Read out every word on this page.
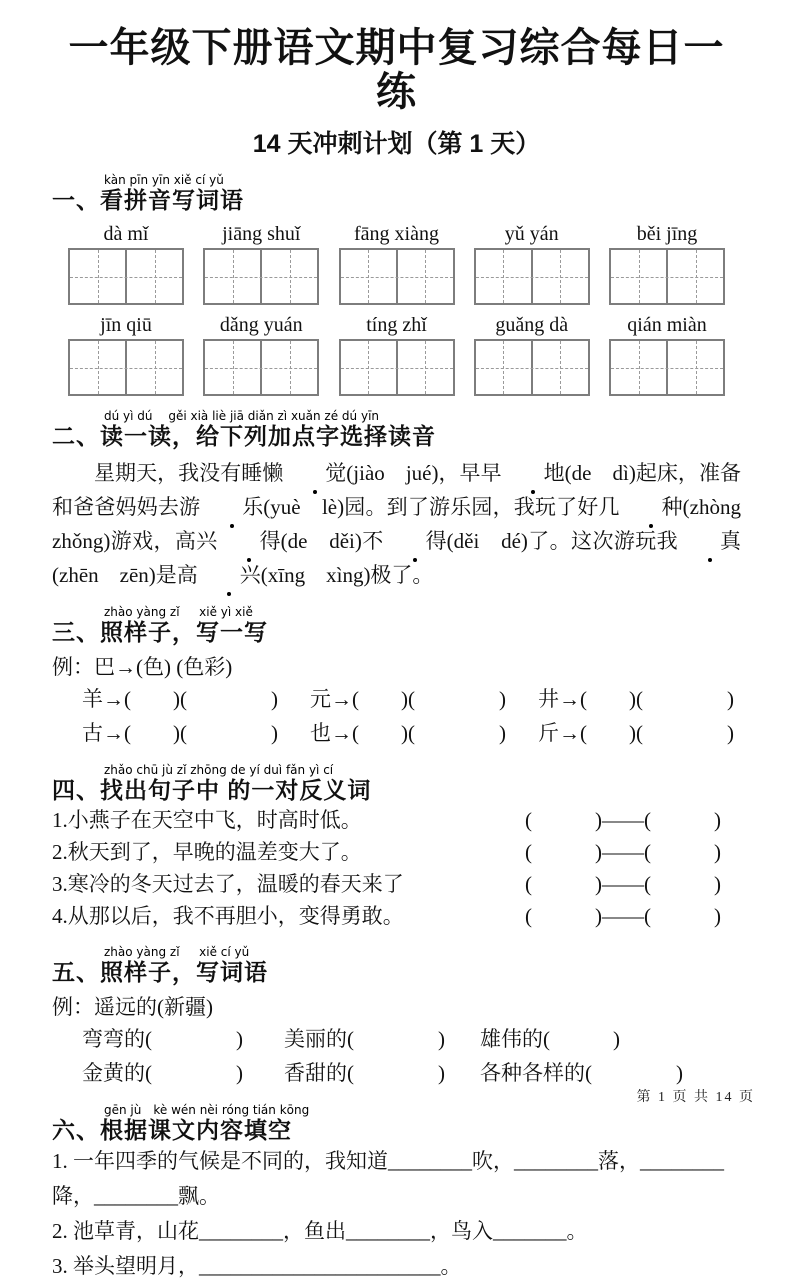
一年级下册语文期中复习综合每日一练
14 天冲刺计划（第 1 天）
kàn pīn yīn xiě cí yǔ
一、看拼音写词语
dà mǐ	jiāng shuǐ	fāng xiàng	yǔ yán	běi jīng
jīn qiū	dǎng yuán	tíng zhǐ	guǎng dà	qián miàn
dú yì dú　 gěi xià liè jiā diǎn zì xuǎn zé dú yīn
二、读一读，给下列加点字选择读音
星期天，我没有睡懒 觉(jiào　jué)，早早 地(de　dì)起床，准备和爸爸妈妈去游 乐(yuè　lè)园。到了游乐园，我玩了好几 种(zhòng　zhǒng)游戏，高兴 得(de　děi)不 得(děi　dé)了。这次游玩我 真(zhēn　zēn)是高 兴(xīng　xìng)极了。
zhào yàng zǐ　  xiě yì xiě
三、照样子，写一写
例：巴→(色) (色彩)
羊→(　　)(　　　　)	元→(　　)(　　　　)	井→(　　)(　　　　)
古→(　　)(　　　　)	也→(　　)(　　　　)	斤→(　　)(　　　　)
zhǎo chū jù zǐ zhōng de yí duì fǎn yì cí
四、找出句子中 的一对反义词
1.小燕子在天空中飞，时高时低。	(　　　)——(　　　)
2.秋天到了，早晚的温差变大了。	(　　　)——(　　　)
3.寒冷的冬天过去了，温暖的春天来了	(　　　)——(　　　)
4.从那以后，我不再胆小，变得勇敢。	(　　　)——(　　　)
zhào yàng zǐ　  xiě cí yǔ
五、照样子，写词语
例：遥远的(新疆)
弯弯的(　　　　)	美丽的(　　　　)	雄伟的(　　　)
金黄的(　　　　)	香甜的(　　　　)	各种各样的(　　　　)
gēn jù　kè wén nèi róng tián kōng
六、根据课文内容填空
1. 一年四季的气候是不同的，我知道________吹，________落，________降，________飘。
2. 池草青，山花________，鱼出________，鸟入_______。
3. 举头望明月，_______________________。
第 1 页 共 14 页
